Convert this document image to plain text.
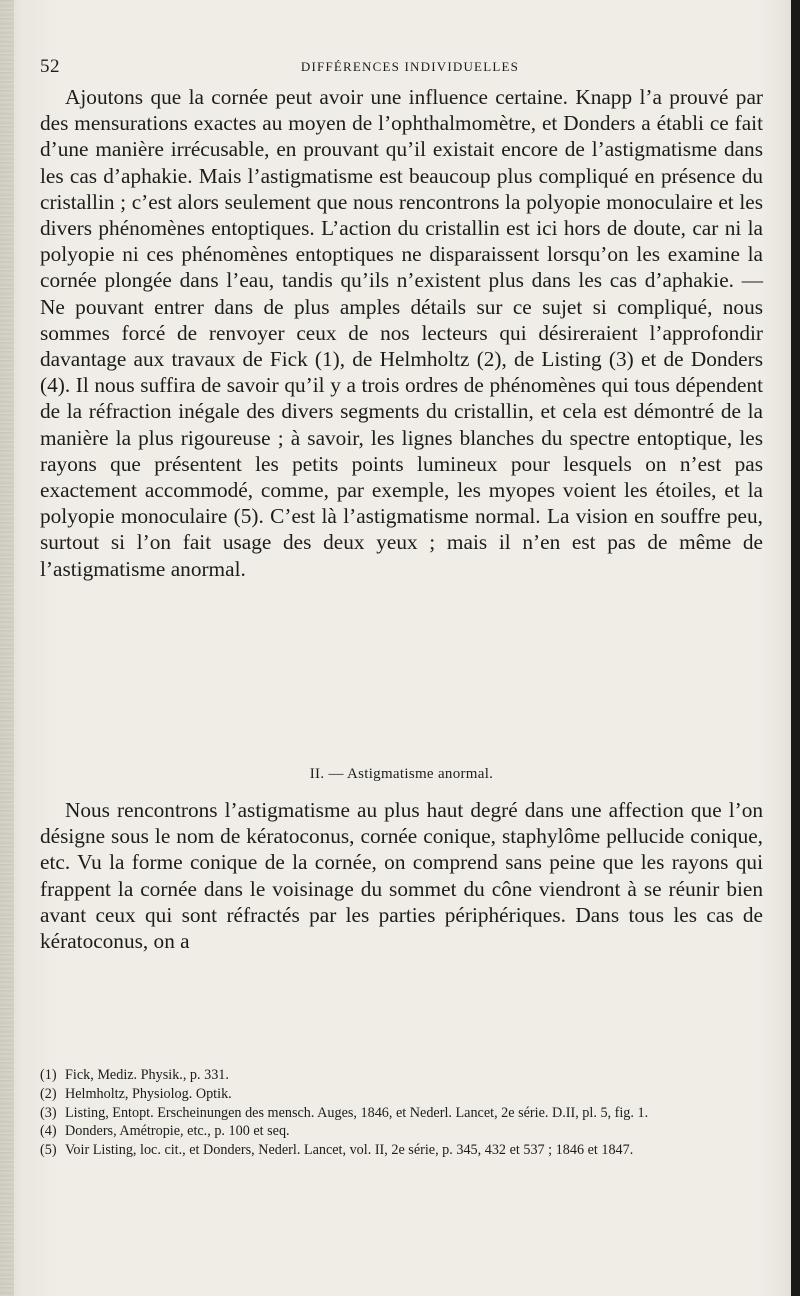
52	DIFFÉRENCES INDIVIDUELLES

Ajoutons que la cornée peut avoir une influence certaine. Knapp l’a prouvé par des mensurations exactes au moyen de l’ophthalmomètre, et Donders a établi ce fait d’une manière irrécusable, en prouvant qu’il existait encore de l’astigmatisme dans les cas d’aphakie. Mais l’astigmatisme est beaucoup plus compliqué en présence du cristallin ; c’est alors seulement que nous rencontrons la polyopie monoculaire et les divers phénomènes entoptiques. L’action du cristallin est ici hors de doute, car ni la polyopie ni ces phénomènes entoptiques ne disparaissent lorsqu’on les examine la cornée plongée dans l’eau, tandis qu’ils n’existent plus dans les cas d’aphakie. — Ne pouvant entrer dans de plus amples détails sur ce sujet si compliqué, nous sommes forcé de renvoyer ceux de nos lecteurs qui désireraient l’approfondir davantage aux travaux de Fick (1), de Helmholtz (2), de Listing (3) et de Donders (4). Il nous suffira de savoir qu’il y a trois ordres de phénomènes qui tous dépendent de la réfraction inégale des divers segments du cristallin, et cela est démontré de la manière la plus rigoureuse ; à savoir, les lignes blanches du spectre entoptique, les rayons que présentent les petits points lumineux pour lesquels on n’est pas exactement accommodé, comme, par exemple, les myopes voient les étoiles, et la polyopie monoculaire (5). C’est là l’astigmatisme normal. La vision en souffre peu, surtout si l’on fait usage des deux yeux ; mais il n’en est pas de même de l’astigmatisme anormal.

II. — Astigmatisme anormal.

Nous rencontrons l’astigmatisme au plus haut degré dans une affection que l’on désigne sous le nom de kératoconus, cornée conique, staphylôme pellucide conique, etc. Vu la forme conique de la cornée, on comprend sans peine que les rayons qui frappent la cornée dans le voisinage du sommet du cône viendront à se réunir bien avant ceux qui sont réfractés par les parties périphériques. Dans tous les cas de kératoconus, on a

(1) Fick, Mediz. Physik., p. 331.

(2) Helmholtz, Physiolog. Optik.

(3) Listing, Entopt. Erscheinungen des mensch. Auges, 1846, et Nederl. Lancet, 2e série. D.II, pl. 5, fig. 1.

(4) Donders, Amétropie, etc., p. 100 et seq.

(5) Voir Listing, loc. cit., et Donders, Nederl. Lancet, vol. II, 2e série, p. 345, 432 et 537 ; 1846 et 1847.
